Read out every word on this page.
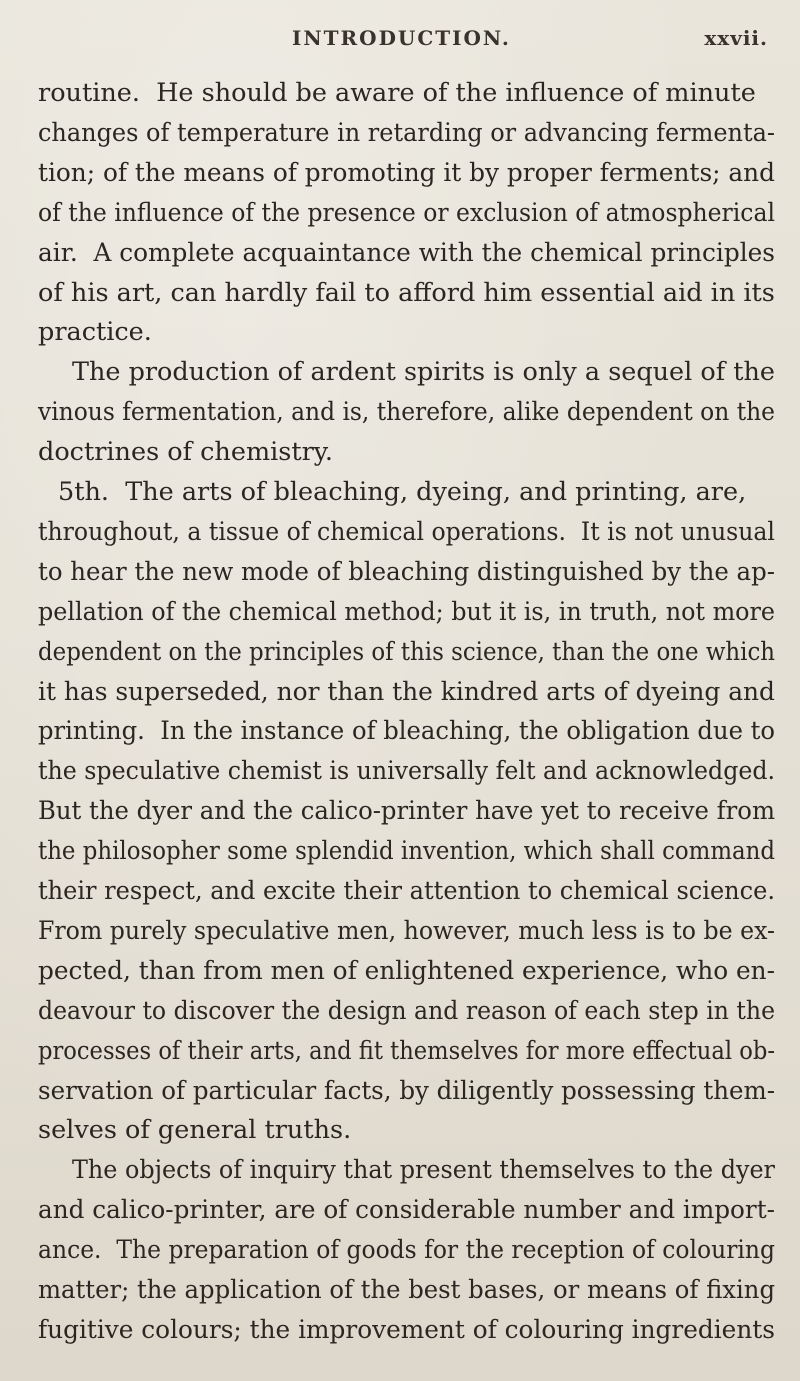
INTRODUCTION.	xxvii.
routine.  He should be aware of the influence of minute
changes of temperature in retarding or advancing fermenta-
tion; of the means of promoting it by proper ferments; and
of the influence of the presence or exclusion of atmospherical
air.  A complete acquaintance with the chemical principles
of his art, can hardly fail to afford him essential aid in its
practice.
The production of ardent spirits is only a sequel of the
vinous fermentation, and is, therefore, alike dependent on the
doctrines of chemistry.
5th.  The arts of bleaching, dyeing, and printing, are,
throughout, a tissue of chemical operations.  It is not unusual
to hear the new mode of bleaching distinguished by the ap-
pellation of the chemical method; but it is, in truth, not more
dependent on the principles of this science, than the one which
it has superseded, nor than the kindred arts of dyeing and
printing.  In the instance of bleaching, the obligation due to
the speculative chemist is universally felt and acknowledged.
But the dyer and the calico-printer have yet to receive from
the philosopher some splendid invention, which shall command
their respect, and excite their attention to chemical science.
From purely speculative men, however, much less is to be ex-
pected, than from men of enlightened experience, who en-
deavour to discover the design and reason of each step in the
processes of their arts, and fit themselves for more effectual ob-
servation of particular facts, by diligently possessing them-
selves of general truths.
The objects of inquiry that present themselves to the dyer
and calico-printer, are of considerable number and import-
ance.  The preparation of goods for the reception of colouring
matter; the application of the best bases, or means of fixing
fugitive colours; the improvement of colouring ingredients
